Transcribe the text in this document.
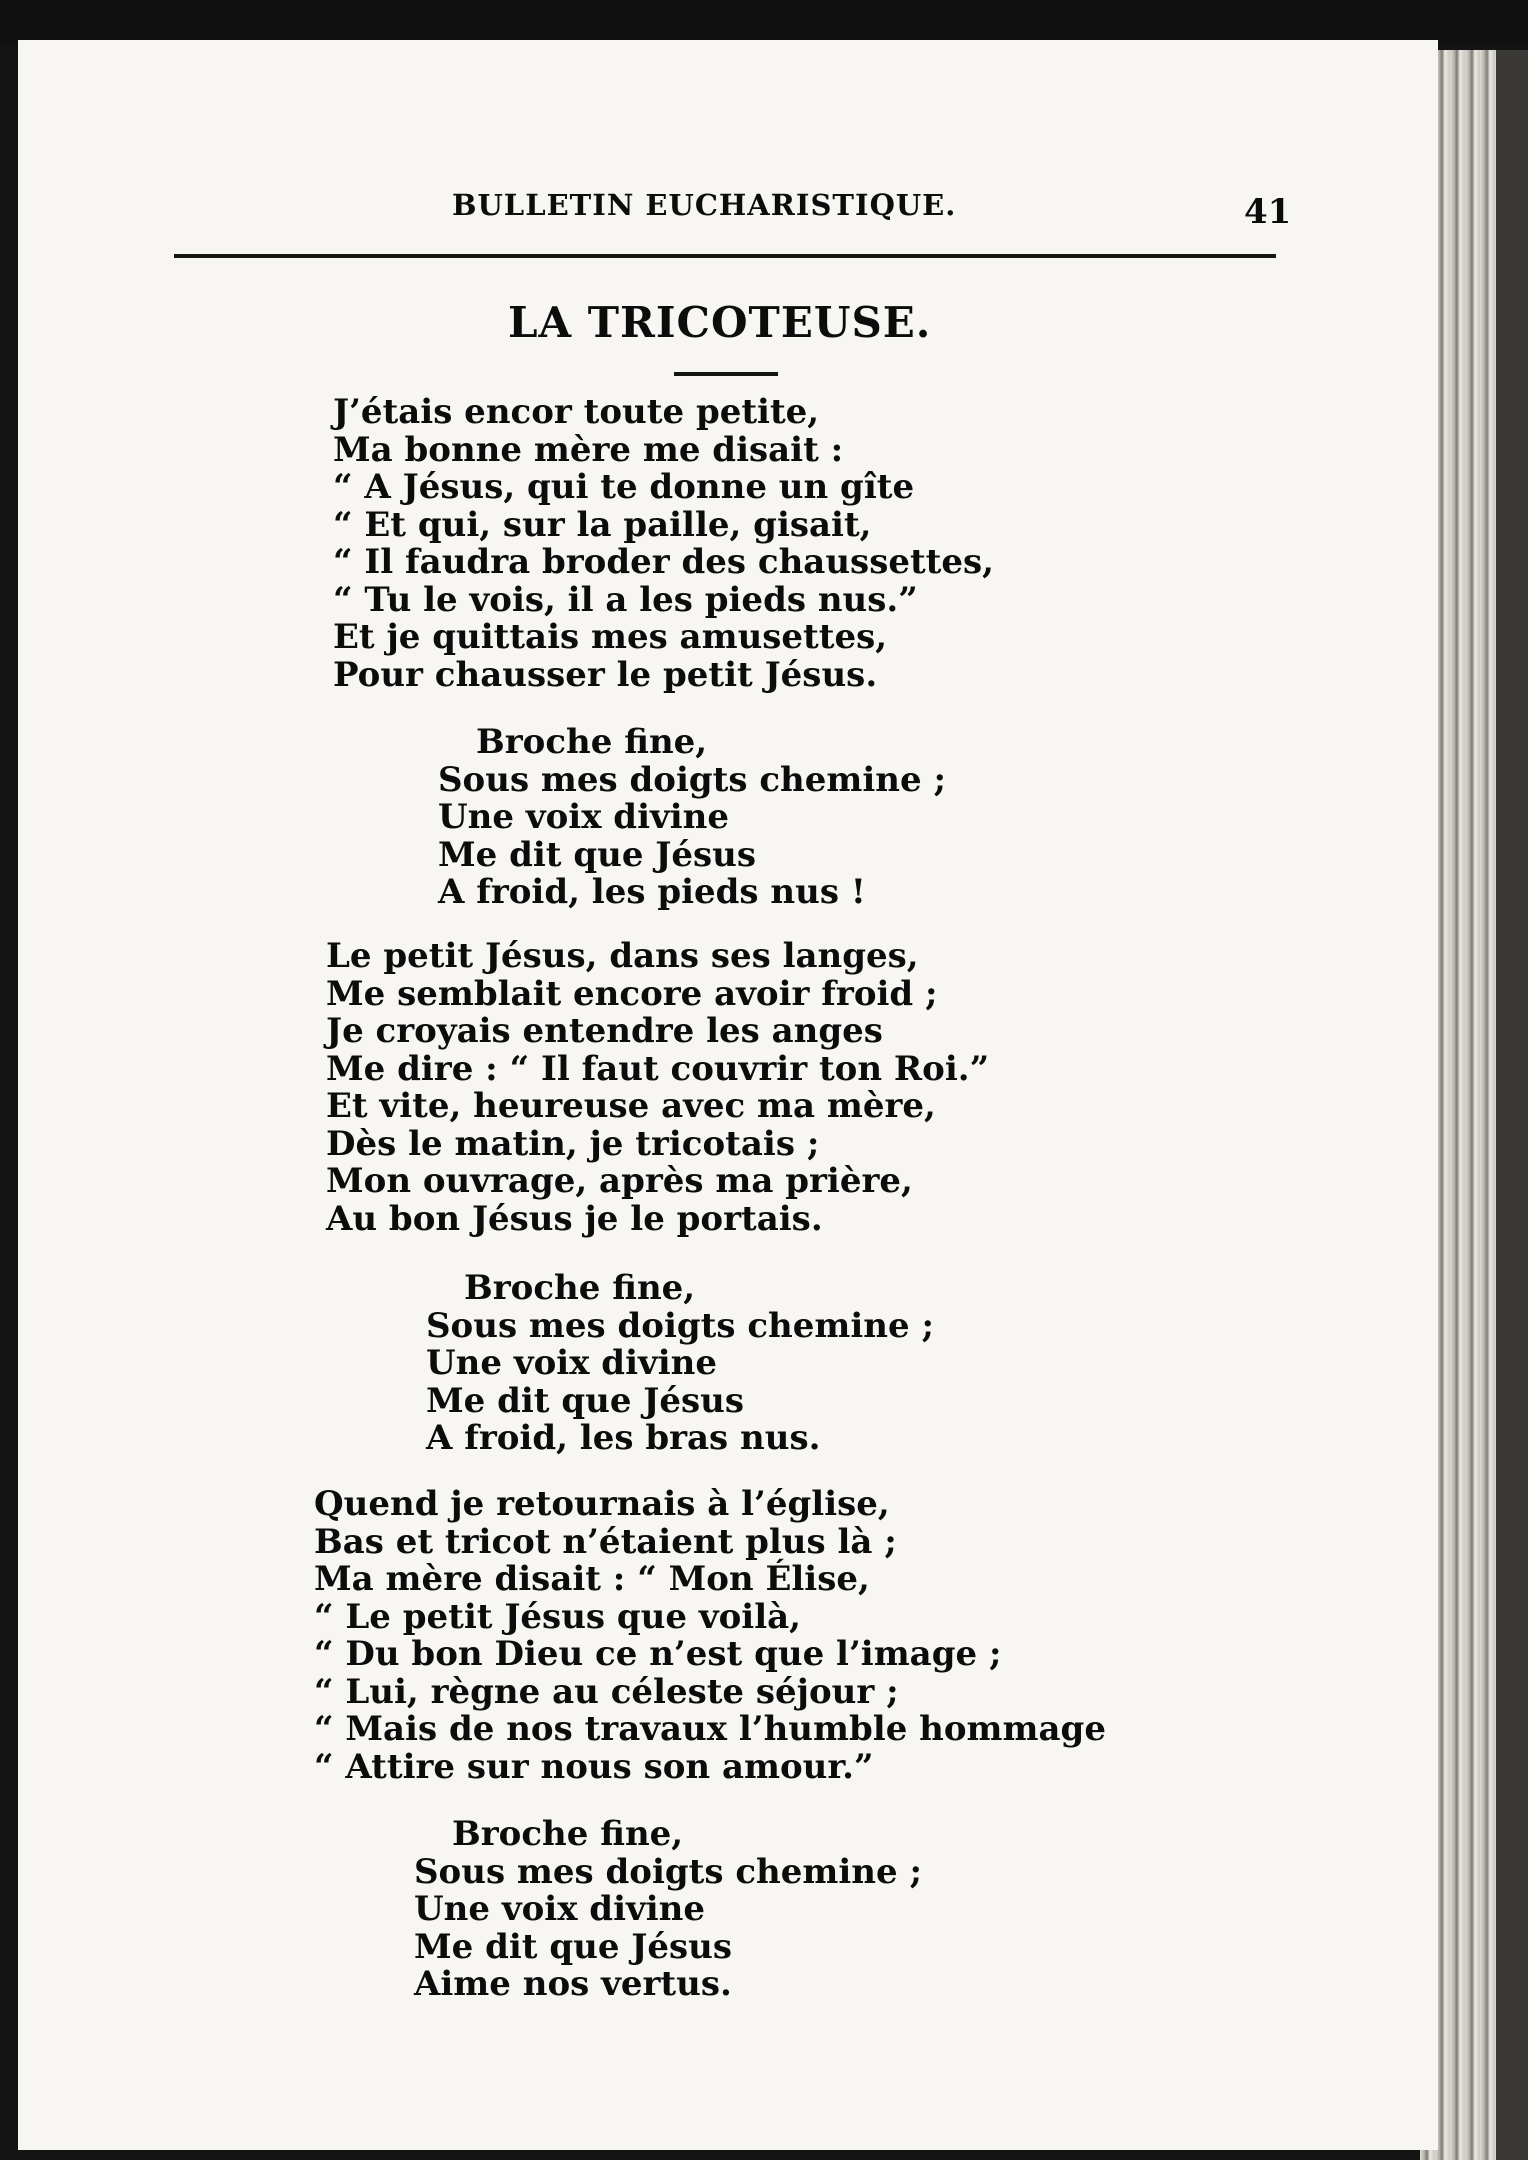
BULLETIN EUCHARISTIQUE.	41
LA TRICOTEUSE.
J’étais encor toute petite,
Ma bonne mère me disait :
“ A Jésus, qui te donne un gîte
“ Et qui, sur la paille, gisait,
“ Il faudra broder des chaussettes,
“ Tu le vois, il a les pieds nus.”
Et je quittais mes amusettes,
Pour chausser le petit Jésus.
Broche fine,
Sous mes doigts chemine ;
Une voix divine
Me dit que Jésus
A froid, les pieds nus !
Le petit Jésus, dans ses langes,
Me semblait encore avoir froid ;
Je croyais entendre les anges
Me dire : “ Il faut couvrir ton Roi.”
Et vite, heureuse avec ma mère,
Dès le matin, je tricotais ;
Mon ouvrage, après ma prière,
Au bon Jésus je le portais.
Broche fine,
Sous mes doigts chemine ;
Une voix divine
Me dit que Jésus
A froid, les bras nus.
Quend je retournais à l’église,
Bas et tricot n’étaient plus là ;
Ma mère disait : “ Mon Élise,
“ Le petit Jésus que voilà,
“ Du bon Dieu ce n’est que l’image ;
“ Lui, règne au céleste séjour ;
“ Mais de nos travaux l’humble hommage
“ Attire sur nous son amour.”
Broche fine,
Sous mes doigts chemine ;
Une voix divine
Me dit que Jésus
Aime nos vertus.
